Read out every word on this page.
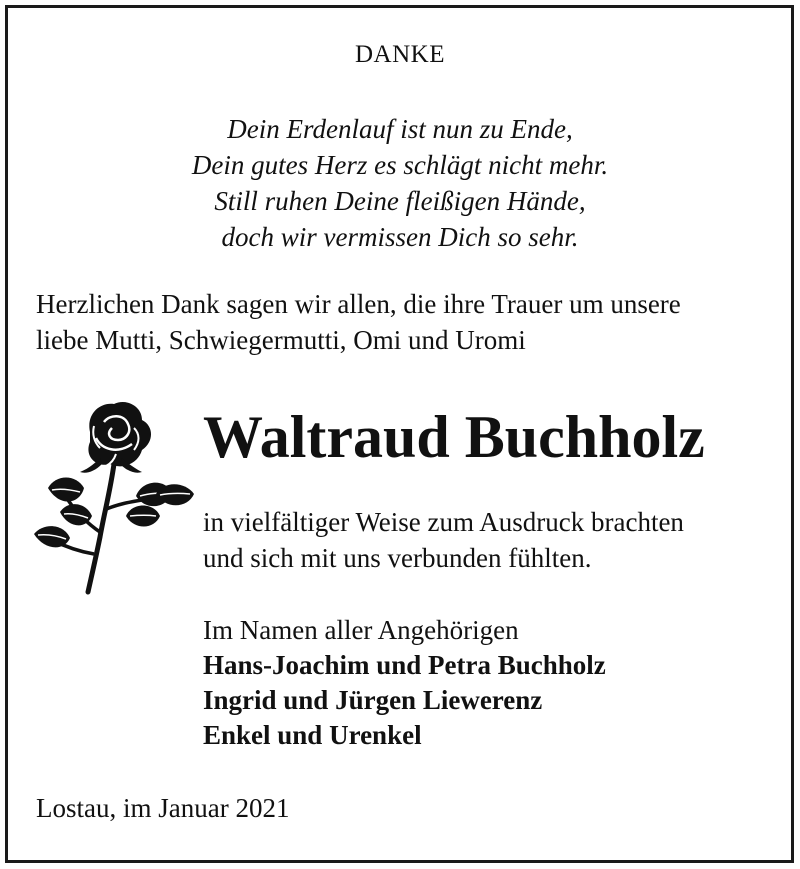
DANKE
Dein Erdenlauf ist nun zu Ende,
Dein gutes Herz es schlägt nicht mehr.
Still ruhen Deine fleißigen Hände,
doch wir vermissen Dich so sehr.
Herzlichen Dank sagen wir allen, die ihre Trauer um unsere
liebe Mutti, Schwiegermutti, Omi und Uromi
Waltraud Buchholz
in vielfältiger Weise zum Ausdruck brachten
und sich mit uns verbunden fühlten.
Im Namen aller Angehörigen
Hans-Joachim und Petra Buchholz
Ingrid und Jürgen Liewerenz
Enkel und Urenkel
Lostau, im Januar 2021
